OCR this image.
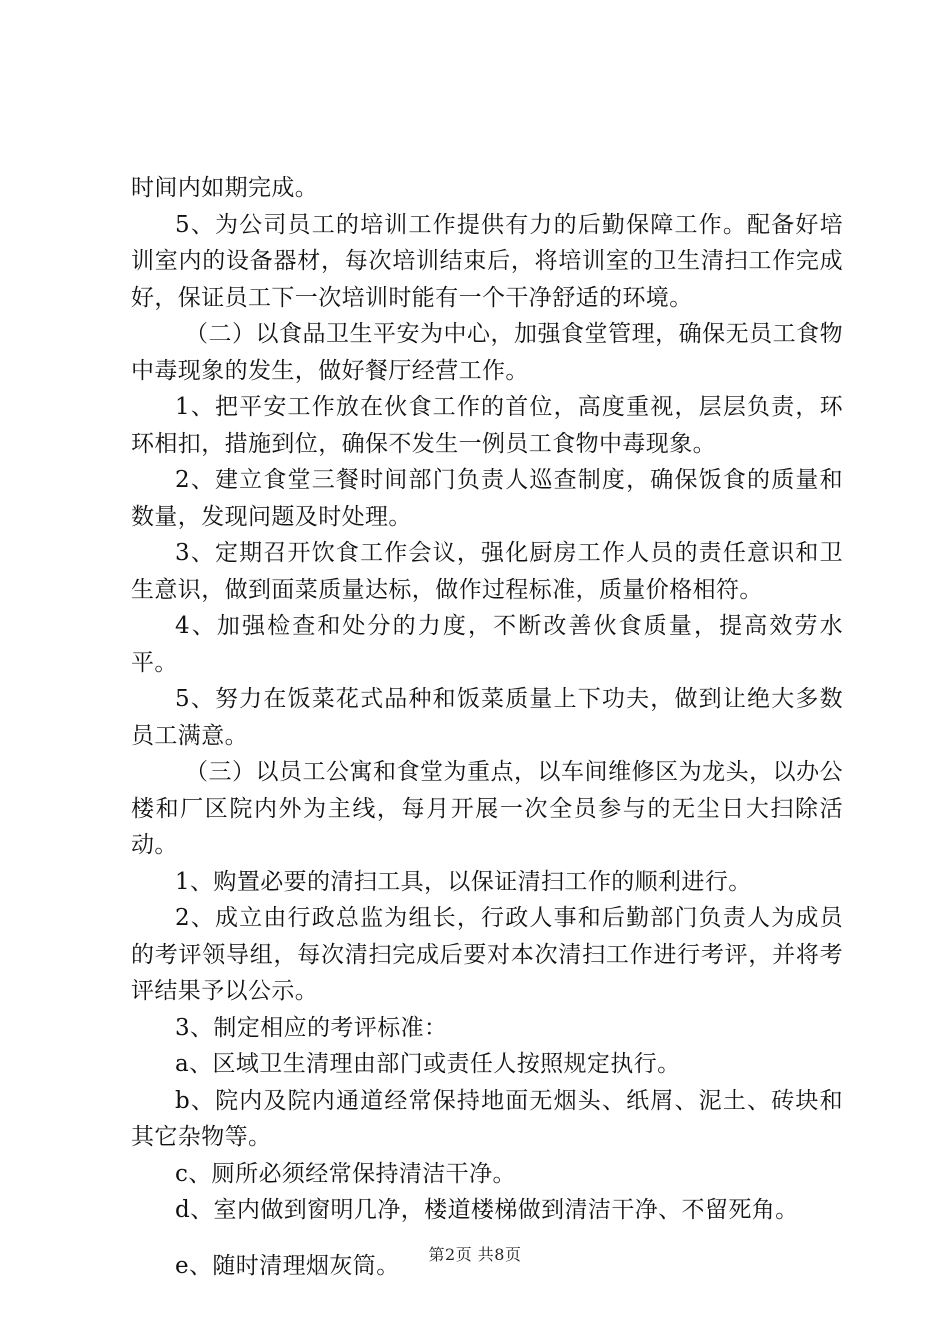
时间内如期完成。

5、为公司员工的培训工作提供有力的后勤保障工作。配备好培训室内的设备器材，每次培训结束后，将培训室的卫生清扫工作完成好，保证员工下一次培训时能有一个干净舒适的环境。

（二）以食品卫生平安为中心，加强食堂管理，确保无员工食物中毒现象的发生，做好餐厅经营工作。

1、把平安工作放在伙食工作的首位，高度重视，层层负责，环环相扣，措施到位，确保不发生一例员工食物中毒现象。

2、建立食堂三餐时间部门负责人巡查制度，确保饭食的质量和数量，发现问题及时处理。

3、定期召开饮食工作会议，强化厨房工作人员的责任意识和卫生意识，做到面菜质量达标，做作过程标准，质量价格相符。

4、加强检查和处分的力度，不断改善伙食质量，提高效劳水平。

5、努力在饭菜花式品种和饭菜质量上下功夫，做到让绝大多数员工满意。

（三）以员工公寓和食堂为重点，以车间维修区为龙头，以办公楼和厂区院内外为主线，每月开展一次全员参与的无尘日大扫除活动。

1、购置必要的清扫工具，以保证清扫工作的顺利进行。

2、成立由行政总监为组长，行政人事和后勤部门负责人为成员的考评领导组，每次清扫完成后要对本次清扫工作进行考评，并将考评结果予以公示。

3、制定相应的考评标准：

a、区域卫生清理由部门或责任人按照规定执行。

b、院内及院内通道经常保持地面无烟头、纸屑、泥土、砖块和其它杂物等。

c、厕所必须经常保持清洁干净。

d、室内做到窗明几净，楼道楼梯做到清洁干净、不留死角。

e、随时清理烟灰筒。	第2页 共8页
